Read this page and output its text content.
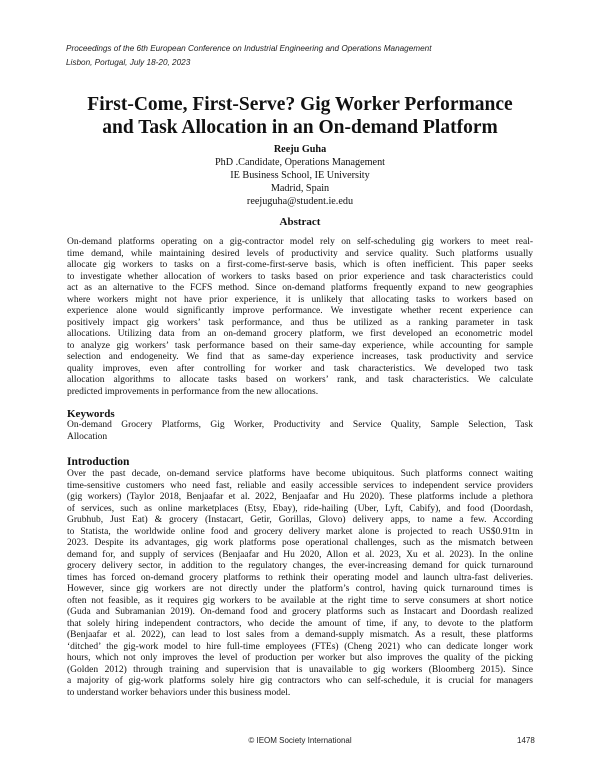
Proceedings of the 6th European Conference on Industrial Engineering and Operations Management
Lisbon, Portugal, July 18-20, 2023
First-Come, First-Serve? Gig Worker Performance
and Task Allocation in an On-demand Platform
Reeju Guha
PhD .Candidate, Operations Management
IE Business School, IE University
Madrid, Spain
reejuguha@student.ie.edu
Abstract
On-demand platforms operating on a gig-contractor model rely on self-scheduling gig workers to meet real-
time demand, while maintaining desired levels of productivity and service quality. Such platforms usually
allocate gig workers to tasks on a first-come-first-serve basis, which is often inefficient. This paper seeks
to investigate whether allocation of workers to tasks based on prior experience and task characteristics could
act as an alternative to the FCFS method. Since on-demand platforms frequently expand to new geographies
where workers might not have prior experience, it is unlikely that allocating tasks to workers based on
experience alone would significantly improve performance. We investigate whether recent experience can
positively impact gig workers’ task performance, and thus be utilized as a ranking parameter in task
allocations. Utilizing data from an on-demand grocery platform, we first developed an econometric model
to analyze gig workers’ task performance based on their same-day experience, while accounting for sample
selection and endogeneity. We find that as same-day experience increases, task productivity and service
quality improves, even after controlling for worker and task characteristics. We developed two task
allocation algorithms to allocate tasks based on workers’ rank, and task characteristics. We calculate
predicted improvements in performance from the new allocations.
Keywords
On-demand Grocery Platforms, Gig Worker, Productivity and Service Quality, Sample Selection, Task
Allocation
Introduction
Over the past decade, on-demand service platforms have become ubiquitous. Such platforms connect waiting
time-sensitive customers who need fast, reliable and easily accessible services to independent service providers
(gig workers) (Taylor 2018, Benjaafar et al. 2022, Benjaafar and Hu 2020). These platforms include a plethora
of services, such as online marketplaces (Etsy, Ebay), ride-hailing (Uber, Lyft, Cabify), and food (Doordash,
Grubhub, Just Eat) & grocery (Instacart, Getir, Gorillas, Glovo) delivery apps, to name a few. According
to Statista, the worldwide online food and grocery delivery market alone is projected to reach US$0.91tn in
2023. Despite its advantages, gig work platforms pose operational challenges, such as the mismatch between
demand for, and supply of services (Benjaafar and Hu 2020, Allon et al. 2023, Xu et al. 2023). In the online
grocery delivery sector, in addition to the regulatory changes, the ever-increasing demand for quick turnaround
times has forced on-demand grocery platforms to rethink their operating model and launch ultra-fast deliveries.
However, since gig workers are not directly under the platform’s control, having quick turnaround times is
often not feasible, as it requires gig workers to be available at the right time to serve consumers at short notice
(Guda and Subramanian 2019). On-demand food and grocery platforms such as Instacart and Doordash realized
that solely hiring independent contractors, who decide the amount of time, if any, to devote to the platform
(Benjaafar et al. 2022), can lead to lost sales from a demand-supply mismatch. As a result, these platforms
‘ditched’ the gig-work model to hire full-time employees (FTEs) (Cheng 2021) who can dedicate longer work
hours, which not only improves the level of production per worker but also improves the quality of the picking
(Golden 2012) through training and supervision that is unavailable to gig workers (Bloomberg 2015). Since
a majority of gig-work platforms solely hire gig contractors who can self-schedule, it is crucial for managers
to understand worker behaviors under this business model.
© IEOM Society International	1478
